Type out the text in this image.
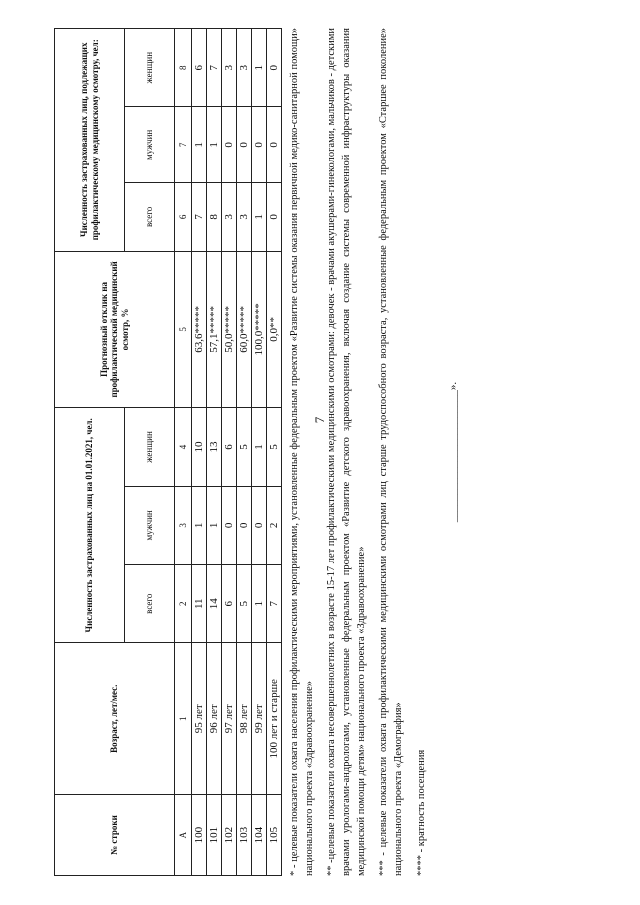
7
№ строки	Возраст, лет/мес.	Численность застрахованных лиц на 01.01.2021, чел.			Прогнозный отклик на профилактический медицинский осмотр, %	Численность застрахованных лиц, подлежащих профилактическому медицинскому осмотру, чел:		
		всего	мужчин	женщин		всего	мужчин	женщин
А	1	2	3	4	5	6	7	8
100	95 лет	11	1	10	63,6*****	7	1	6
101	96 лет	14	1	13	57,1*****	8	1	7
102	97 лет	6	0	6	50,0*****	3	0	3
103	98 лет	5	0	5	60,0*****	3	0	3
104	99 лет	1	0	1	100,0*****	1	0	1
105	100 лет и старше	7	2	5	0,0**	0	0	0 * - целевые показатели охвата населения профилактическими мероприятиями, установленные федеральным проектом «Развитие системы оказания первичной медико-санитарной помощи» национального проекта «Здравоохранение» ** -целевые показатели охвата несовершеннолетних в возрасте 15-17 лет профилактическими медицинскими осмотрами: девочек - врачами акушерами-гинекологами, мальчиков - детскими врачами урологами-андрологами, установленные федеральным проектом «Развитие детского здравоохранения, включая создание системы современной инфраструктуры оказания медицинской помощи детям» национального проекта «Здравоохранение» *** - целевые показатели охвата профилактическими медицинскими осмотрами лиц старше трудоспособного возраста, установленные федеральным проектом «Старшее поколение» национального проекта «Демография» **** - кратность посещения

________________________».
